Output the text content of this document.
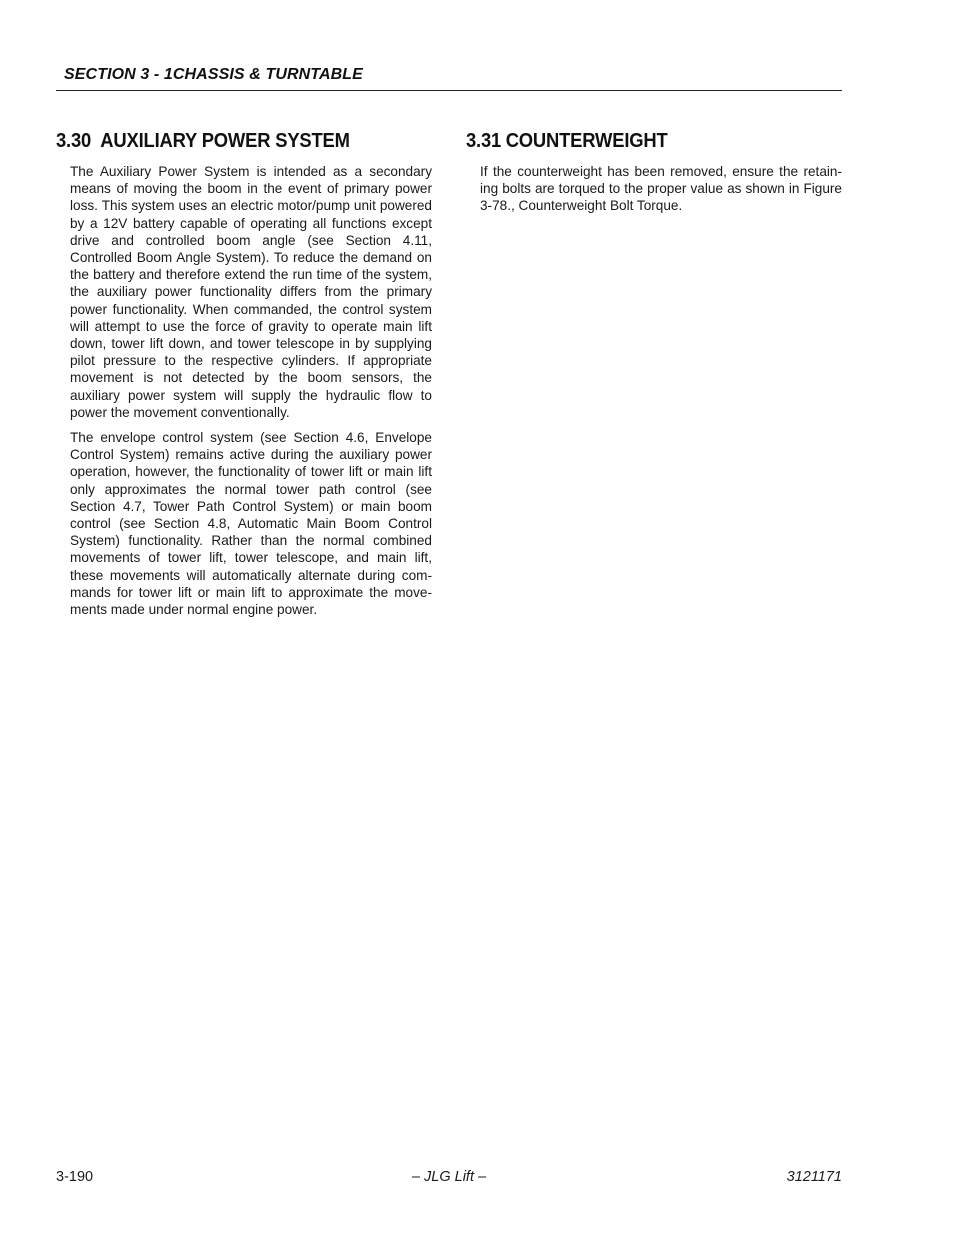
SECTION 3 - 1CHASSIS & TURNTABLE
3.30 AUXILIARY POWER SYSTEM

The Auxiliary Power System is intended as a secondary means of moving the boom in the event of primary power loss. This system uses an electric motor/pump unit powered by a 12V battery capable of operating all functions except drive and controlled boom angle (see Section 4.11, Controlled Boom Angle System). To reduce the demand on the battery and therefore extend the run time of the system, the auxiliary power functionality differs from the primary power functionality. When commanded, the control system will attempt to use the force of gravity to operate main lift down, tower lift down, and tower telescope in by supplying pilot pressure to the respective cylinders. If appropriate movement is not detected by the boom sensors, the auxiliary power system will supply the hydraulic flow to power the movement conventionally.

The envelope control system (see Section 4.6, Envelope Control System) remains active during the auxiliary power operation, however, the functionality of tower lift or main lift only approximates the normal tower path control (see Section 4.7, Tower Path Control System) or main boom control (see Section 4.8, Automatic Main Boom Control System) functionality. Rather than the normal combined movements of tower lift, tower telescope, and main lift, these movements will automatically alternate during commands for tower lift or main lift to approximate the movements made under normal engine power.

3.31 COUNTERWEIGHT

If the counterweight has been removed, ensure the retaining bolts are torqued to the proper value as shown in Figure 3-78., Counterweight Bolt Torque.

3-190	– JLG Lift –	3121171
